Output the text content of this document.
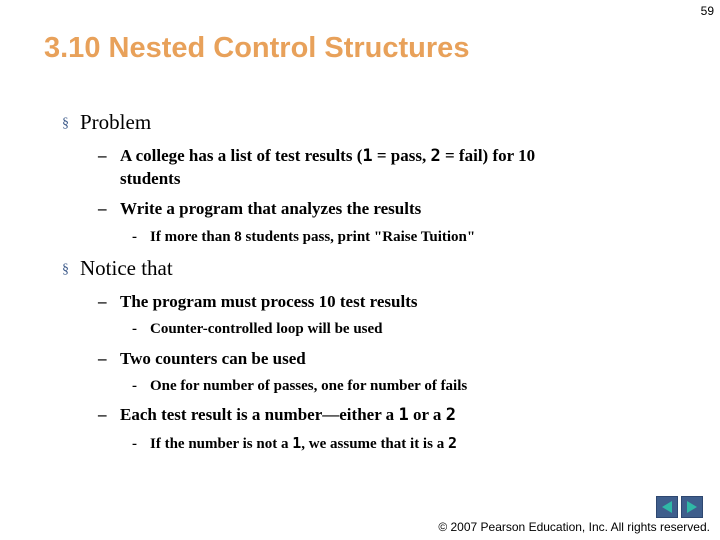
59
3.10 Nested Control Structures
§ Problem
– A college has a list of test results (1 = pass, 2 = fail) for 10
students
– Write a program that analyzes the results
- If more than 8 students pass, print "Raise Tuition"
§ Notice that
– The program must process 10 test results
- Counter-controlled loop will be used
– Two counters can be used
- One for number of passes, one for number of fails
– Each test result is a number—either a 1 or a 2
- If the number is not a 1, we assume that it is a 2
© 2007 Pearson Education, Inc. All rights reserved.
